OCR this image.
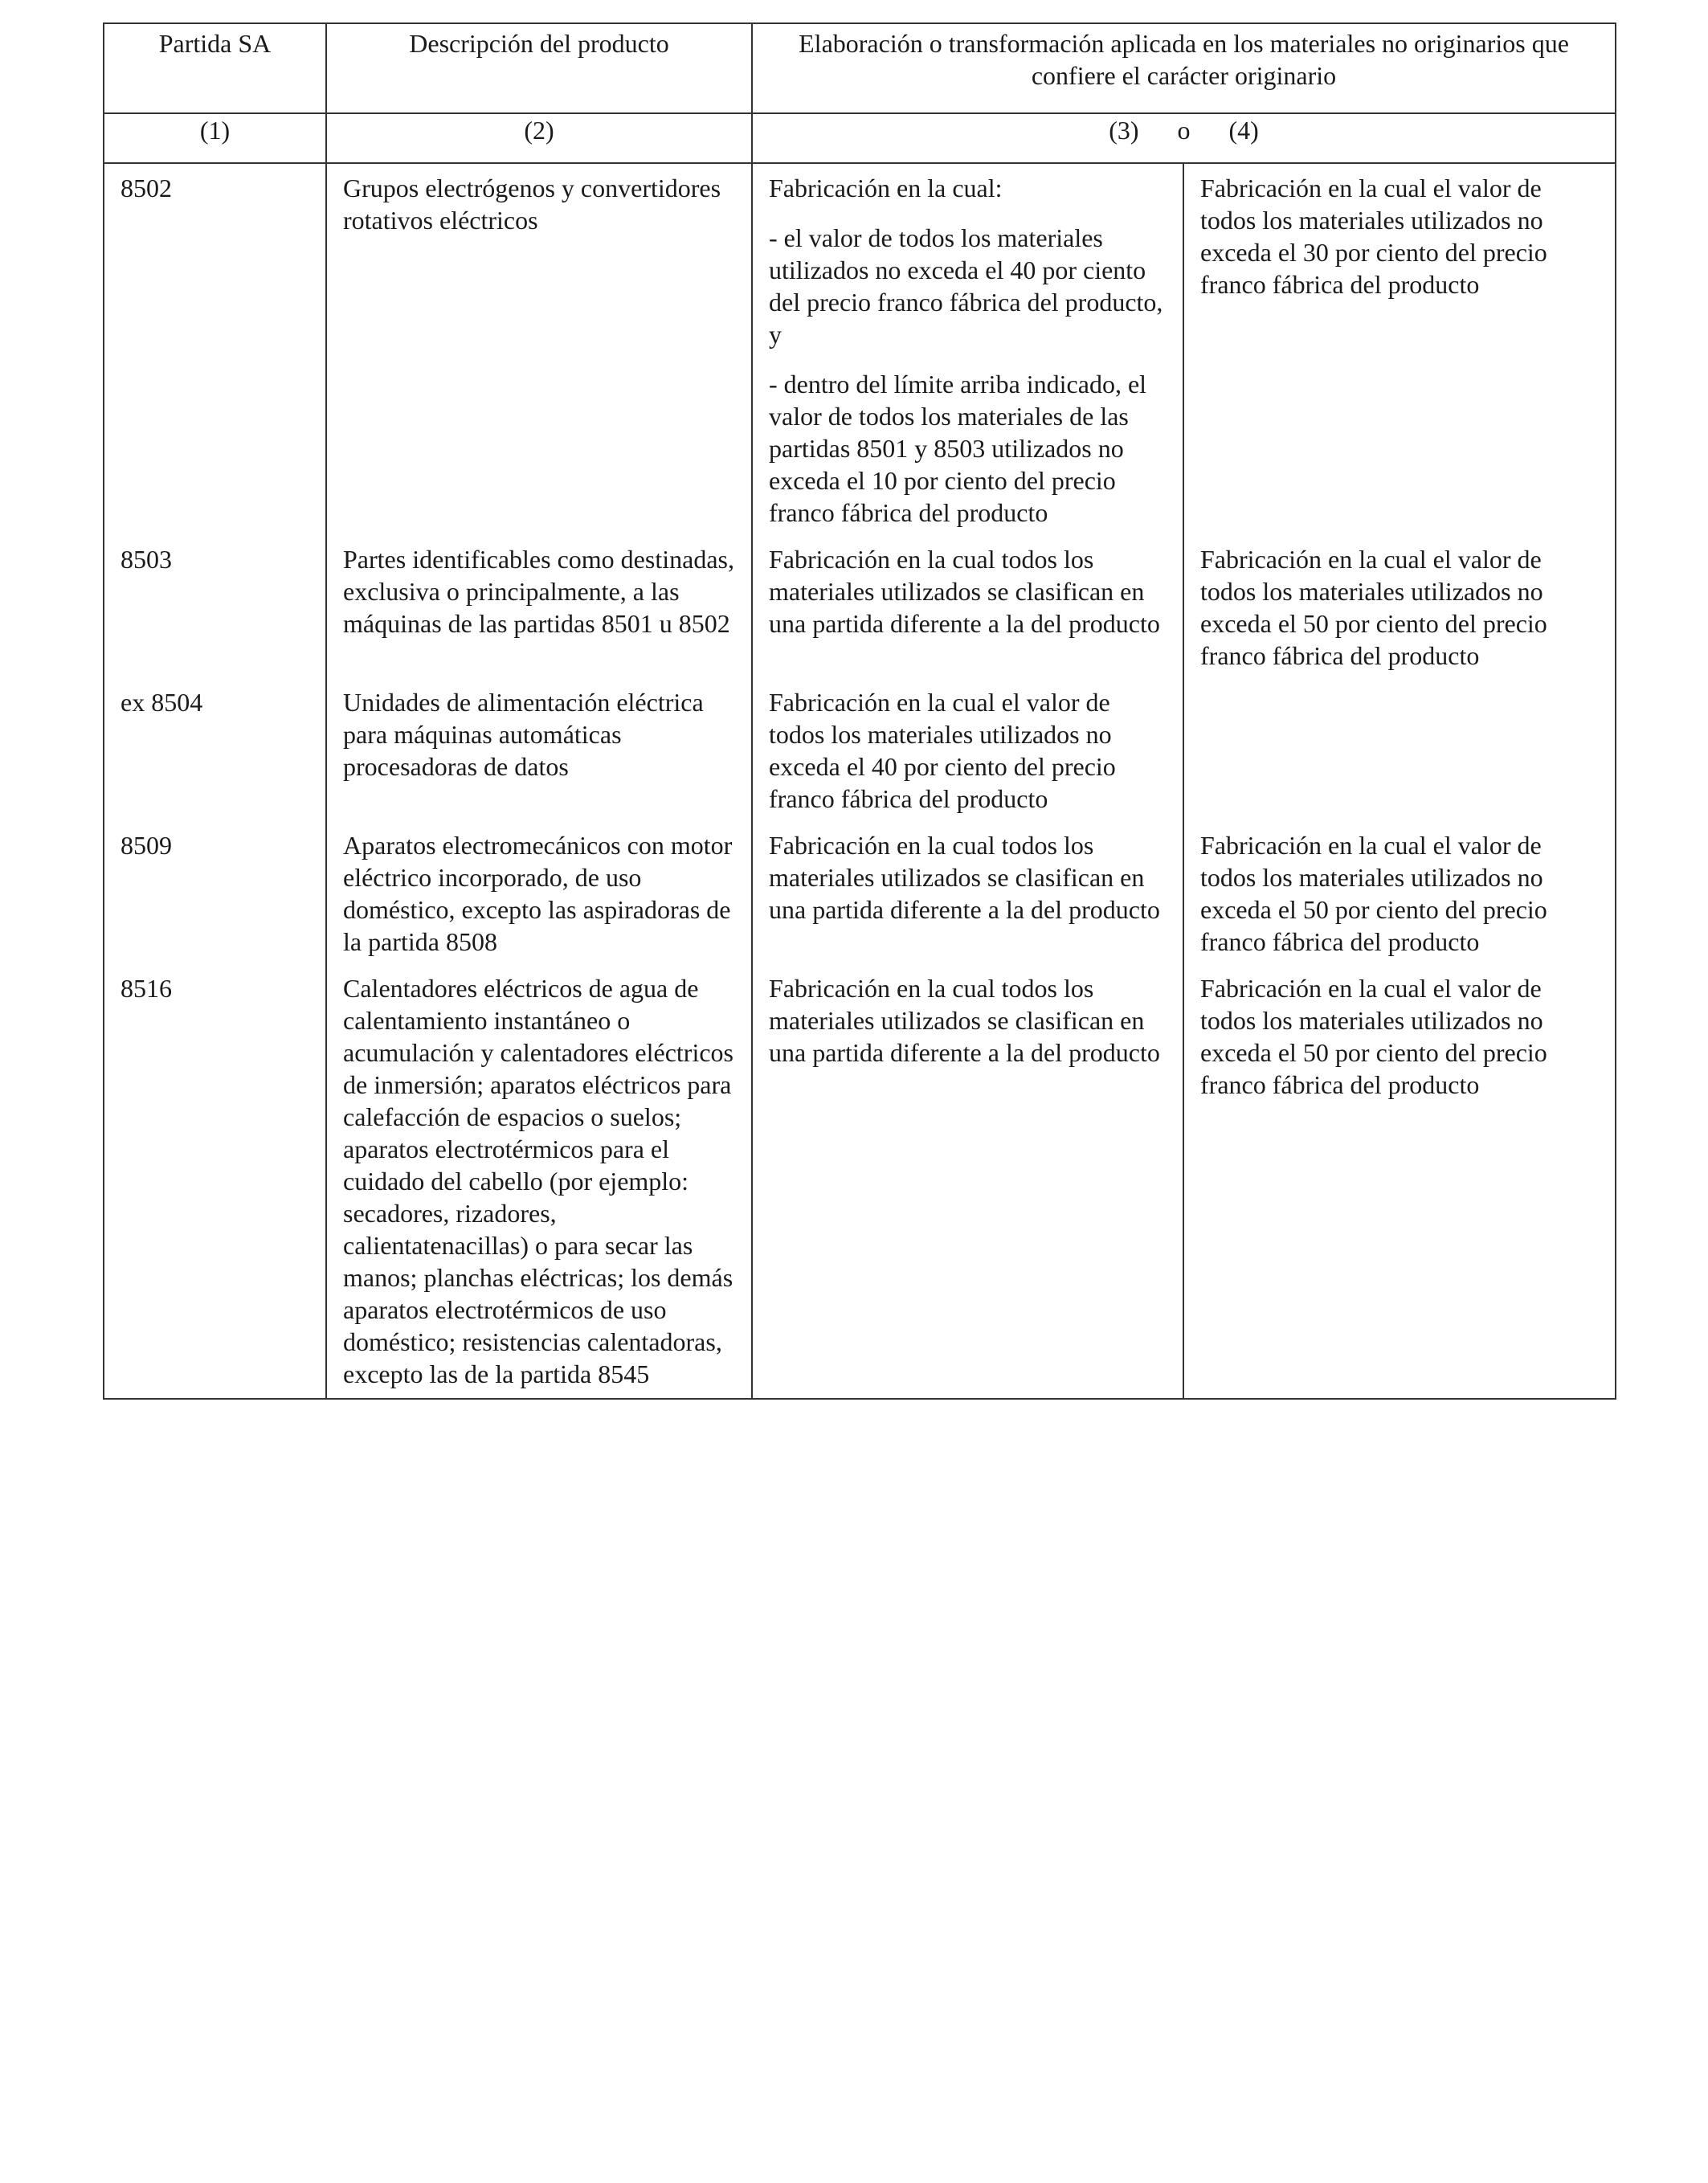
Partida SA	Descripción del producto	Elaboración o transformación aplicada en los materiales no originarios que confiere el carácter originario	
(1)	(2)	(3) o (4)	
8502	Grupos electrógenos y convertidores rotativos eléctricos	Fabricación en la cual:

- el valor de todos los materiales utilizados no exceda el 40 por ciento del precio franco fábrica del producto, y

- dentro del límite arriba indicado, el valor de todos los materiales de las partidas 8501 y 8503 utilizados no exceda el 10 por ciento del precio franco fábrica del producto	Fabricación en la cual el valor de todos los materiales utilizados no exceda el 30 por ciento del precio franco fábrica del producto
8503	Partes identificables como destinadas, exclusiva o principalmente, a las máquinas de las partidas 8501 u 8502	Fabricación en la cual todos los materiales utilizados se clasifican en una partida diferente a la del producto	Fabricación en la cual el valor de todos los materiales utilizados no exceda el 50 por ciento del precio franco fábrica del producto
ex 8504	Unidades de alimentación eléctrica para máquinas automáticas procesadoras de datos	Fabricación en la cual el valor de todos los materiales utilizados no exceda el 40 por ciento del precio franco fábrica del producto	

8509	Aparatos electromecánicos con motor eléctrico incorporado, de uso doméstico, excepto las aspiradoras de la partida 8508	Fabricación en la cual todos los materiales utilizados se clasifican en una partida diferente a la del producto	Fabricación en la cual el valor de todos los materiales utilizados no exceda el 50 por ciento del precio franco fábrica del producto
8516	Calentadores eléctricos de agua de calentamiento instantáneo o acumulación y calentadores eléctricos de inmersión; aparatos eléctricos para calefacción de espacios o suelos; aparatos electrotérmicos para el cuidado del cabello (por ejemplo: secadores, rizadores, calientatenacillas) o para secar las manos; planchas eléctricas; los demás aparatos electrotérmicos de uso doméstico; resistencias calentadoras, excepto las de la partida 8545	Fabricación en la cual todos los materiales utilizados se clasifican en una partida diferente a la del producto	Fabricación en la cual el valor de todos los materiales utilizados no exceda el 50 por ciento del precio franco fábrica del producto
